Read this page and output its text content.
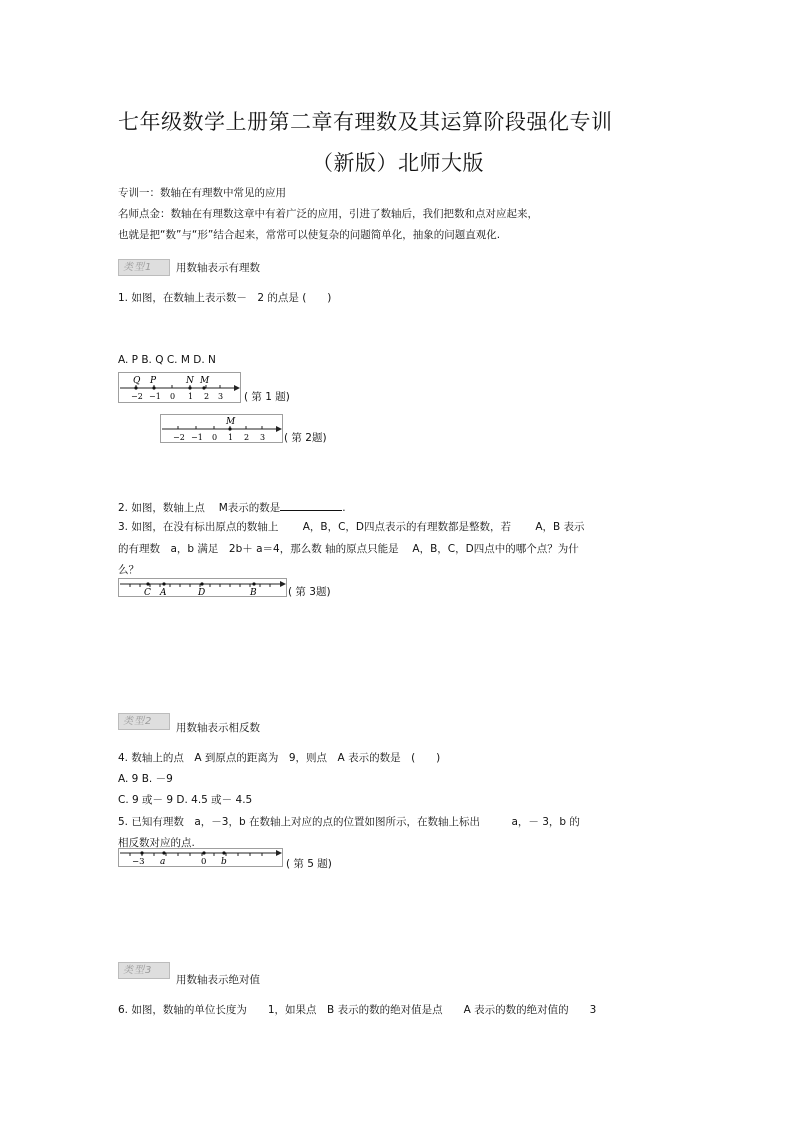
七年级数学上册第二章有理数及其运算阶段强化专训
（新版）北师大版
专训一：数轴在有理数中常见的应用
名师点金：数轴在有理数这章中有着广泛的应用，引进了数轴后，我们把数和点对应起来，
也就是把“数”与“形”结合起来，常常可以使复杂的问题简单化，抽象的问题直观化.
类型1	用数轴表示有理数
1. 如图，在数轴上表示数－　2 的点是 (　　)
A. P B. Q C. M D. N
Q P	N M
−2 −1 0 1 2 3 ( 第 1 题)
M
−2 −1 0 1 2 3 ( 第 2题)
2. 如图，数轴上点　 M表示的数是	.
3. 如图，在没有标出原点的数轴上　　 A，B，C，D四点表示的有理数都是整数，若　　 A，B 表示
的有理数　a，b 满足　2b＋ a＝4，那么数 轴的原点只能是　 A，B，C，D四点中的哪个点？为什
么？
C A	D	B	( 第 3题)
类型2
用数轴表示相反数
4. 数轴上的点　A 到原点的距离为　9，则点　A 表示的数是　(　　)
A. 9 B. －9
C. 9 或－ 9 D. 4.5 或－ 4.5
5. 已知有理数　a，－3，b 在数轴上对应的点的位置如图所示，在数轴上标出　　　a，－ 3，b 的
相反数对应的点.
−3 a	0 b	( 第 5 题)
类型3
用数轴表示绝对值
6. 如图，数轴的单位长度为　　1，如果点　B 表示的数的绝对值是点　　A 表示的数的绝对值的　　3
